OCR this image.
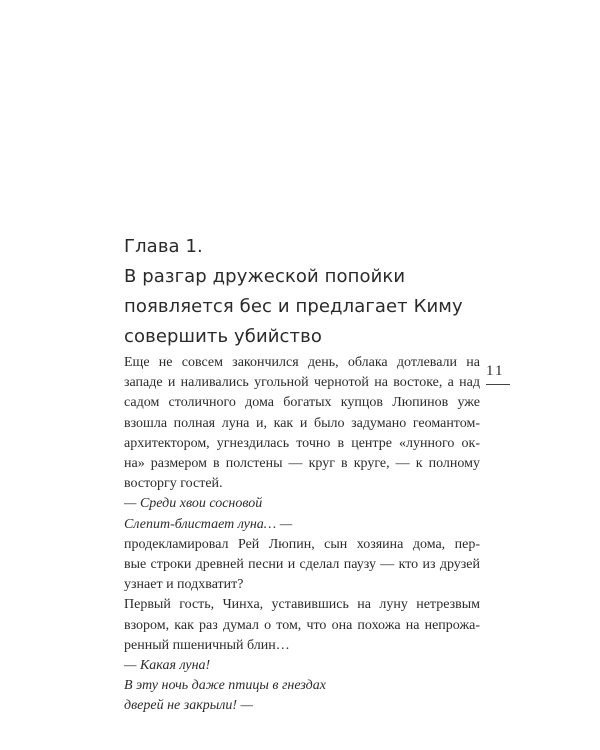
Глава 1.
В разгар дружеской попойки
появляется бес и предлагает Киму
совершить убийство
11
Еще не совсем закончился день, облака дотлевали на
западе и наливались угольной чернотой на востоке, а над
садом столичного дома богатых купцов Люпинов уже
взошла полная луна и, как и было задумано геомантом-
архитектором, угнездилась точно в центре «лунного ок-
на» размером в полстены — круг в круге, — к полному
восторгу гостей.
— Среди хвои сосновой
Слепит-блистает луна… —
продекламировал Рей Люпин, сын хозяина дома, пер-
вые строки древней песни и сделал паузу — кто из друзей
узнает и подхватит?
Первый гость, Чинха, уставившись на луну нетрезвым
взором, как раз думал о том, что она похожа на непрожа-
ренный пшеничный блин…
— Какая луна!
В эту ночь даже птицы в гнездах
дверей не закрыли! —
